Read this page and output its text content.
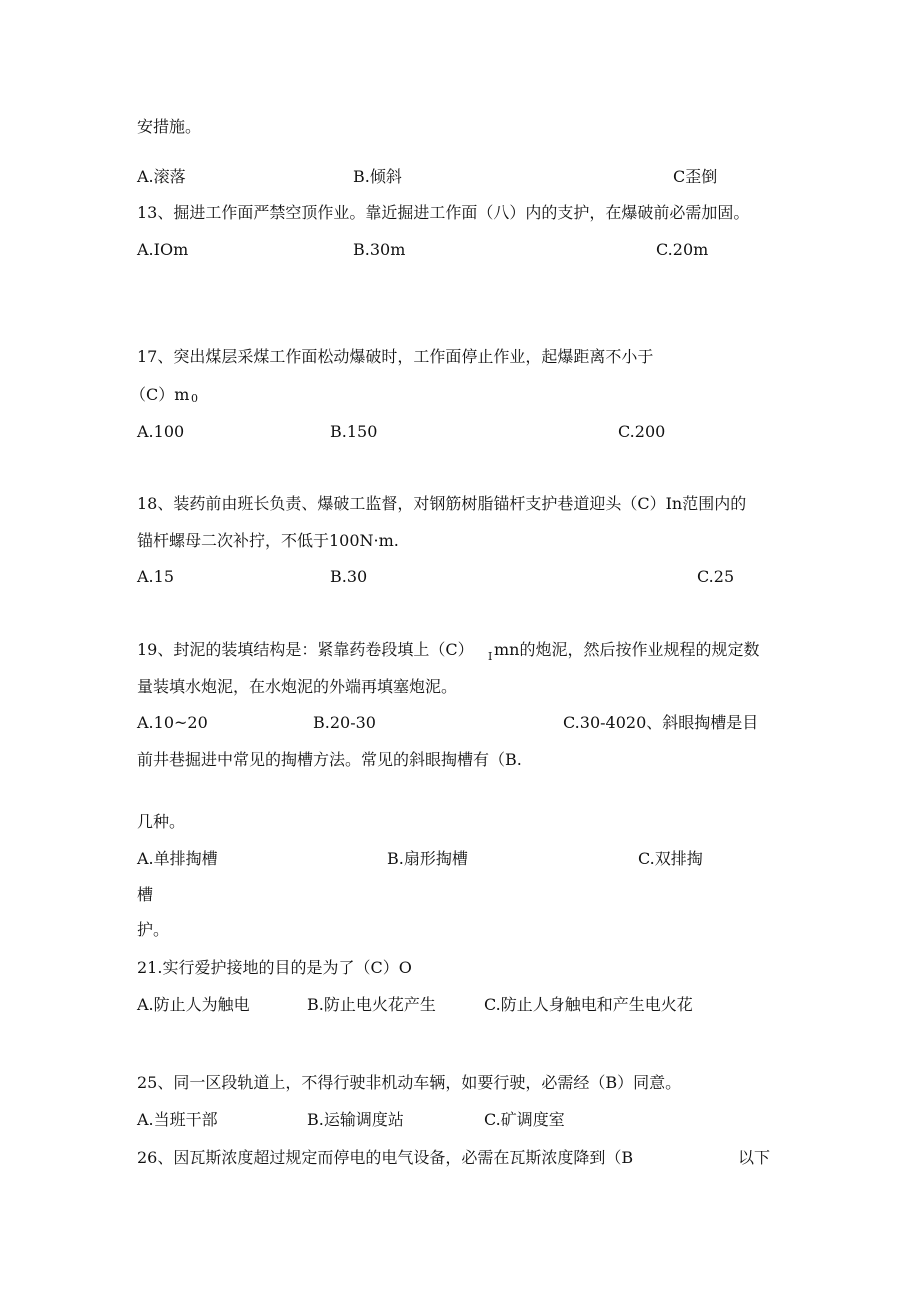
安措施。
A.滚落	B.倾斜	C歪倒
13、掘进工作面严禁空顶作业。靠近掘进工作面（八）内的支护，在爆破前必需加固。
A.IOm	B.30m	C.20m
17、突出煤层采煤工作面松动爆破时，工作面停止作业，起爆距离不小于
（C）m
A.100	B.150	C.200
18、装药前由班长负责、爆破工监督，对钢筋树脂锚杆支护巷道迎头（C）In范围内的
锚杆螺母二次补拧，不低于100N·m.
A.15	B.30	C.25
19、封泥的装填结构是：紧靠药卷段填上（C） mn的炮泥，然后按作业规程的规定数
量装填水炮泥，在水炮泥的外端再填塞炮泥。
A.10~20	B.20-30	C.30-4020、斜眼掏槽是目
前井巷掘进中常见的掏槽方法。常见的斜眼掏槽有（B.
几种。
A.单排掏槽	B.扇形掏槽	C.双排掏
槽
护。
21.实行爱护接地的目的是为了（C）O
A.防止人为触电	B.防止电火花产生	C.防止人身触电和产生电火花
25、同一区段轨道上，不得行驶非机动车辆，如要行驶，必需经（B）同意。
A.当班干部	B.运输调度站	C.矿调度室
26、因瓦斯浓度超过规定而停电的电气设备，必需在瓦斯浓度降到（B	以下
0
I
